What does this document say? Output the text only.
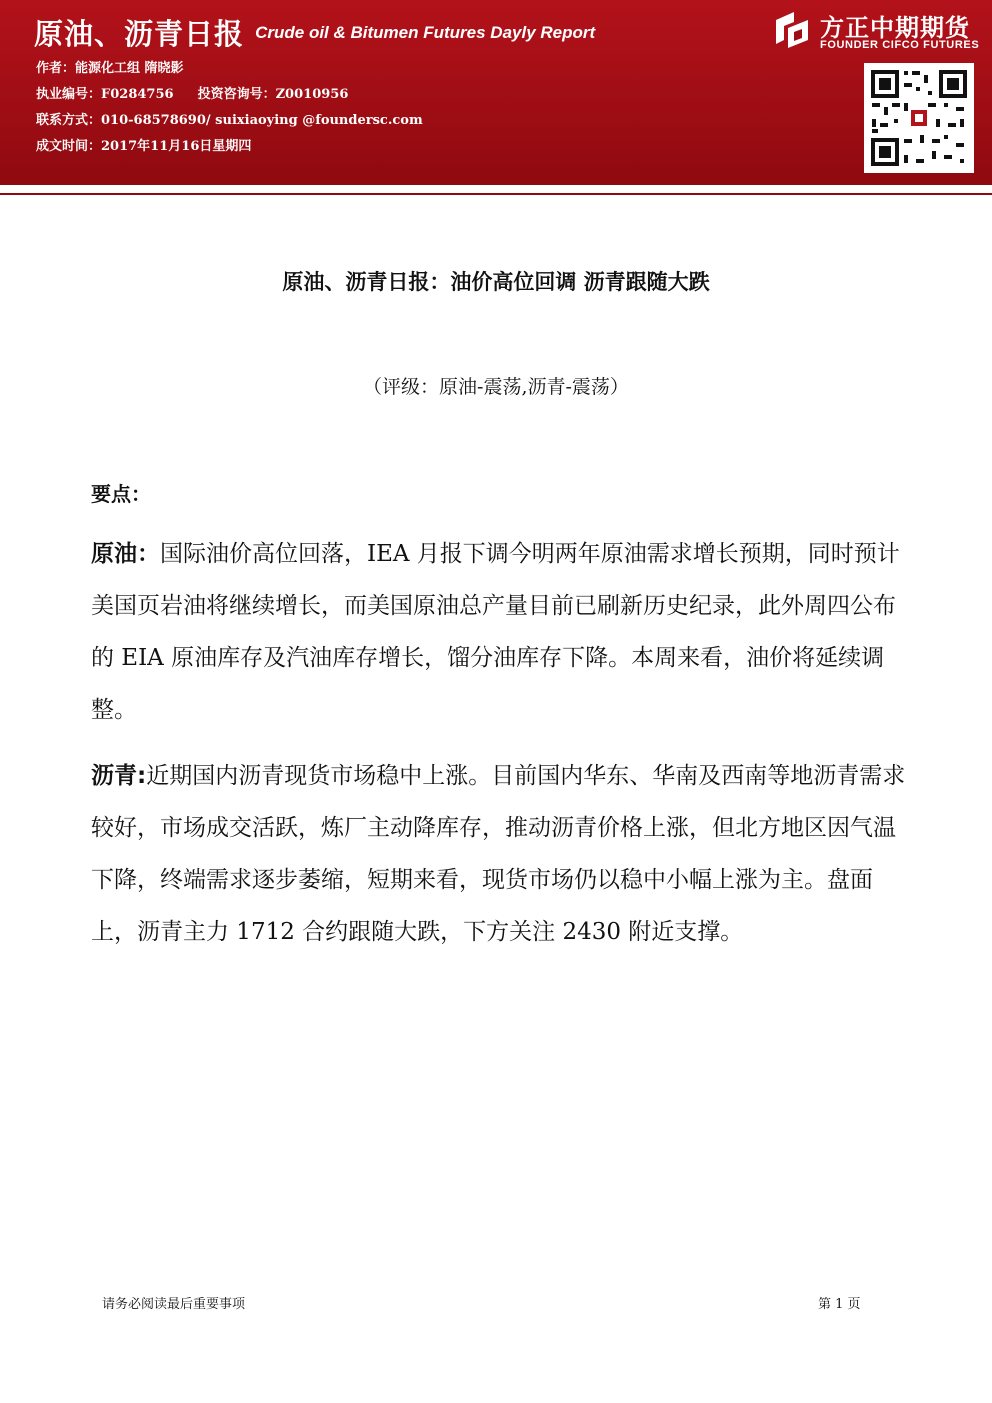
原油、沥青日报 Crude oil & Bitumen Futures Dayly Report
作者：能源化工组 隋晓影
执业编号：F0284756 投资咨询号：Z0010956
联系方式：010-68578690/ suixiaoying @foundersc.com
成文时间：2017年11月16日星期四
方正中期期货
FOUNDER CIFCO FUTURES
原油、沥青日报：油价高位回调 沥青跟随大跌
（评级：原油-震荡,沥青-震荡）
要点：
原油：国际油价高位回落，IEA 月报下调今明两年原油需求增长预期，同时预计美国页岩油将继续增长，而美国原油总产量目前已刷新历史纪录，此外周四公布的 EIA 原油库存及汽油库存增长，馏分油库存下降。本周来看，油价将延续调整。
沥青:近期国内沥青现货市场稳中上涨。目前国内华东、华南及西南等地沥青需求较好，市场成交活跃，炼厂主动降库存，推动沥青价格上涨，但北方地区因气温下降，终端需求逐步萎缩，短期来看，现货市场仍以稳中小幅上涨为主。盘面上，沥青主力 1712 合约跟随大跌，下方关注 2430 附近支撑。
请务必阅读最后重要事项	第 1 页
